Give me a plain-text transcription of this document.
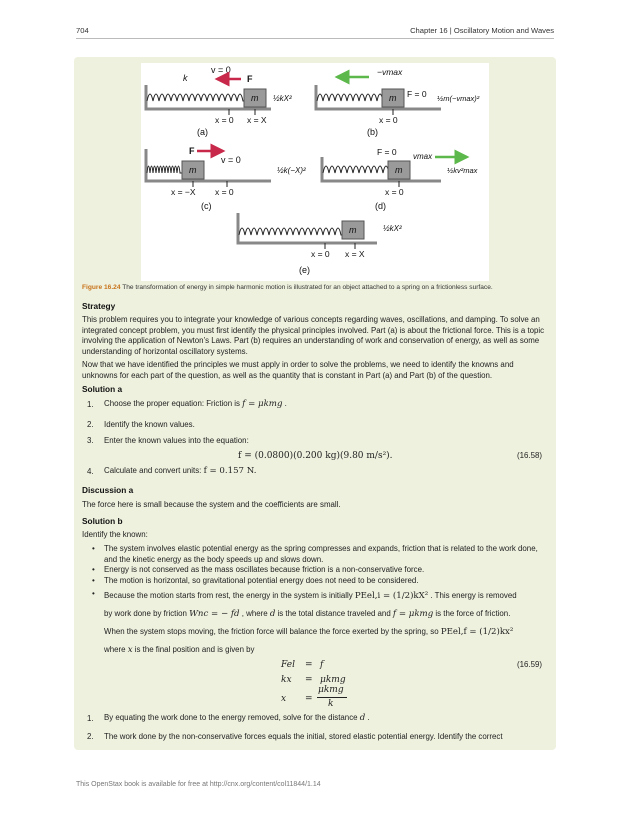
704	Chapter 16 | Oscillatory Motion and Waves
m
v = 0
k	F
½kX²
x = 0 x = X
(a)
m
−vmax
F = 0 ½m(−vmax)²
x = 0
(b)
m
F
v = 0
½k(−X)²
x = −X x = 0
(c)
m
F = 0 vmax
½kv²max
x = 0
(d)
m	½kX²
x = 0 x = X
(e)
Figure 16.24 The transformation of energy in simple harmonic motion is illustrated for an object attached to a spring on a frictionless surface.
Strategy
This problem requires you to integrate your knowledge of various concepts regarding waves, oscillations, and damping. To solve an integrated concept problem, you must first identify the physical principles involved. Part (a) is about the frictional force. This is a topic involving the application of Newton’s Laws. Part (b) requires an understanding of work and conservation of energy, as well as some understanding of horizontal oscillatory systems.
Now that we have identified the principles we must apply in order to solve the problems, we need to identify the knowns and unknowns for each part of the question, as well as the quantity that is constant in Part (a) and Part (b) of the question.
Solution a
1. Choose the proper equation: Friction is f = μkmg .
2. Identify the known values.
3. Enter the known values into the equation:
f = (0.0800)(0.200 kg)(9.80 m/s²).	(16.58)
4. Calculate and convert units: f = 0.157 N.
Discussion a
The force here is small because the system and the coefficients are small.
Solution b
Identify the known:
• The system involves elastic potential energy as the spring compresses and expands, friction that is related to the work done, and the kinetic energy as the body speeds up and slows down.
• Energy is not conserved as the mass oscillates because friction is a non-conservative force.
• The motion is horizontal, so gravitational potential energy does not need to be considered.
• Because the motion starts from rest, the energy in the system is initially PEel,i = (1/2)kX² . This energy is removed
by work done by friction Wnc = − fd , where d is the total distance traveled and f = μkmg is the force of friction.
When the system stops moving, the friction force will balance the force exerted by the spring, so PEel,f = (1/2)kx²
where x is the final position and is given by
Fel = f
kx = μkmg
x =
μkmg
k
(16.59)
1. By equating the work done to the energy removed, solve for the distance d .
2. The work done by the non-conservative forces equals the initial, stored elastic potential energy. Identify the correct
This OpenStax book is available for free at http://cnx.org/content/col11844/1.14
